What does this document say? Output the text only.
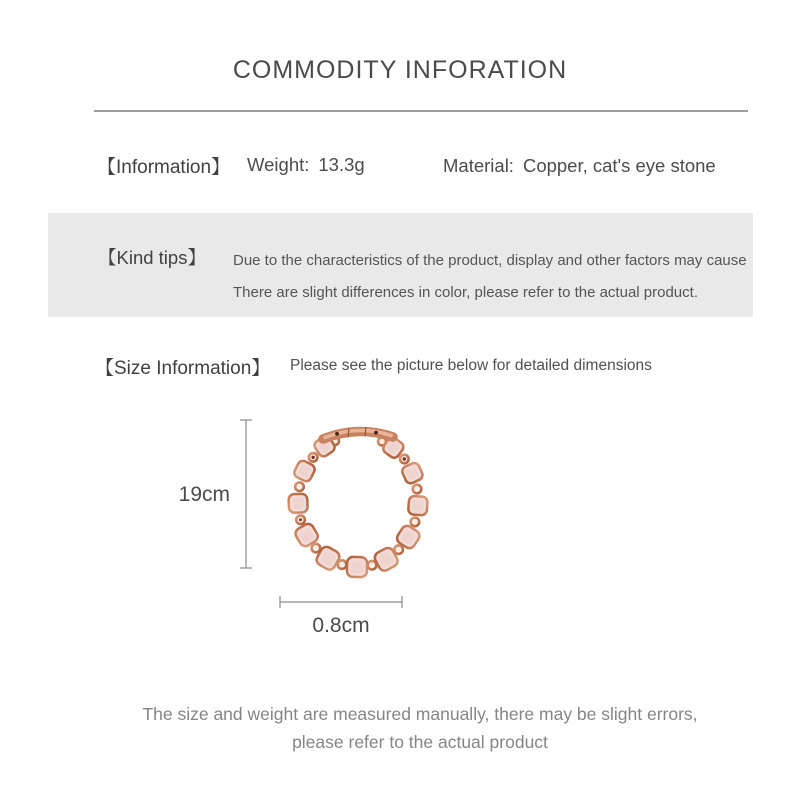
COMMODITY INFORATION
【Information】 Weight: 13.3g	Material: Copper, cat's eye stone
【Kind tips】 Due to the characteristics of the product, display and other factors may cause
There are slight differences in color, please refer to the actual product.
【Size Information】 Please see the picture below for detailed dimensions
19cm
0.8cm
The size and weight are measured manually, there may be slight errors,
please refer to the actual product
